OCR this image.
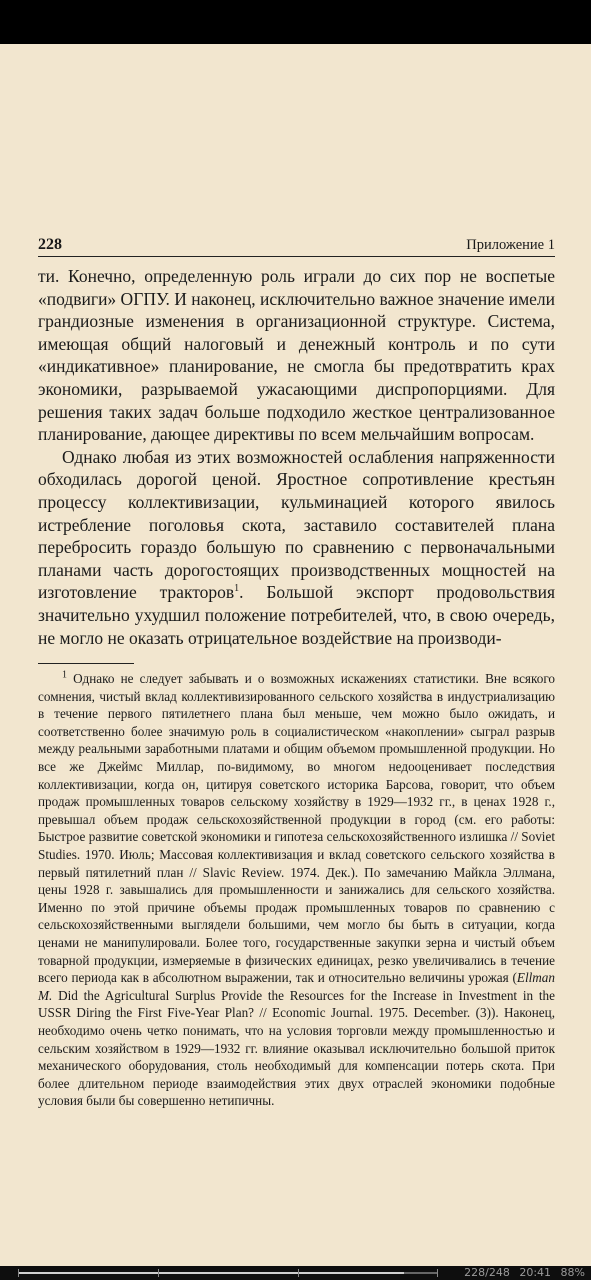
228	Приложение 1

ти. Конечно, определенную роль играли до сих пор не воспетые «подвиги» ОГПУ. И наконец, исключительно важное значение имели грандиозные изменения в организационной структуре. Система, имеющая общий налоговый и денежный контроль и по сути «индикативное» планирование, не смогла бы предотвратить крах экономики, разрываемой ужасающими диспропорциями. Для решения таких задач больше подходило жесткое централизованное планирование, дающее директивы по всем мельчайшим вопросам.

Однако любая из этих возможностей ослабления напряженности обходилась дорогой ценой. Яростное сопротивление крестьян процессу коллективизации, кульминацией которого явилось истребление поголовья скота, заставило составителей плана перебросить гораздо большую по сравнению с первоначальными планами часть дорогостоящих производственных мощностей на изготовление тракторов$^1$. Большой экспорт продовольствия значительно ухудшил положение потребителей, что, в свою очередь, не могло не оказать отрицательное воздействие на производи-

$^1$ Однако не следует забывать и о возможных искажениях статистики. Вне всякого сомнения, чистый вклад коллективизированного сельского хозяйства в индустриализацию в течение первого пятилетнего плана был меньше, чем можно было ожидать, и соответственно более значимую роль в социалистическом «накоплении» сыграл разрыв между реальными заработными платами и общим объемом промышленной продукции. Но все же Джеймс Миллар, по-видимому, во многом недооценивает последствия коллективизации, когда он, цитируя советского историка Барсова, говорит, что объем продаж промышленных товаров сельскому хозяйству в 1929—1932 гг., в ценах 1928 г., превышал объем продаж сельскохозяйственной продукции в город (см. его работы: Быстрое развитие советской экономики и гипотеза сельскохозяйственного излишка // Soviet Studies. 1970. Июль; Массовая коллективизация и вклад советского сельского хозяйства в первый пятилетний план // Slavic Review. 1974. Дек.). По замечанию Майкла Эллмана, цены 1928 г. завышались для промышленности и занижались для сельского хозяйства. Именно по этой причине объемы продаж промышленных товаров по сравнению с сельскохозяйственными выглядели большими, чем могло бы быть в ситуации, когда ценами не манипулировали. Более того, государственные закупки зерна и чистый объем товарной продукции, измеряемые в физических единицах, резко увеличивались в течение всего периода как в абсолютном выражении, так и относительно величины урожая (Ellman M. Did the Agricultural Surplus Provide the Resources for the Increase in Investment in the USSR Diring the First Five-Year Plan? // Economic Journal. 1975. December. (3)). Наконец, необходимо очень четко понимать, что на условия торговли между промышленностью и сельским хозяйством в 1929—1932 гг. влияние оказывал исключительно большой приток механического оборудования, столь необходимый для компенсации потерь скота. При более длительном периоде взаимодействия этих двух отраслей экономики подобные условия были бы совершенно нетипичны.
228/248 20:41 88%
